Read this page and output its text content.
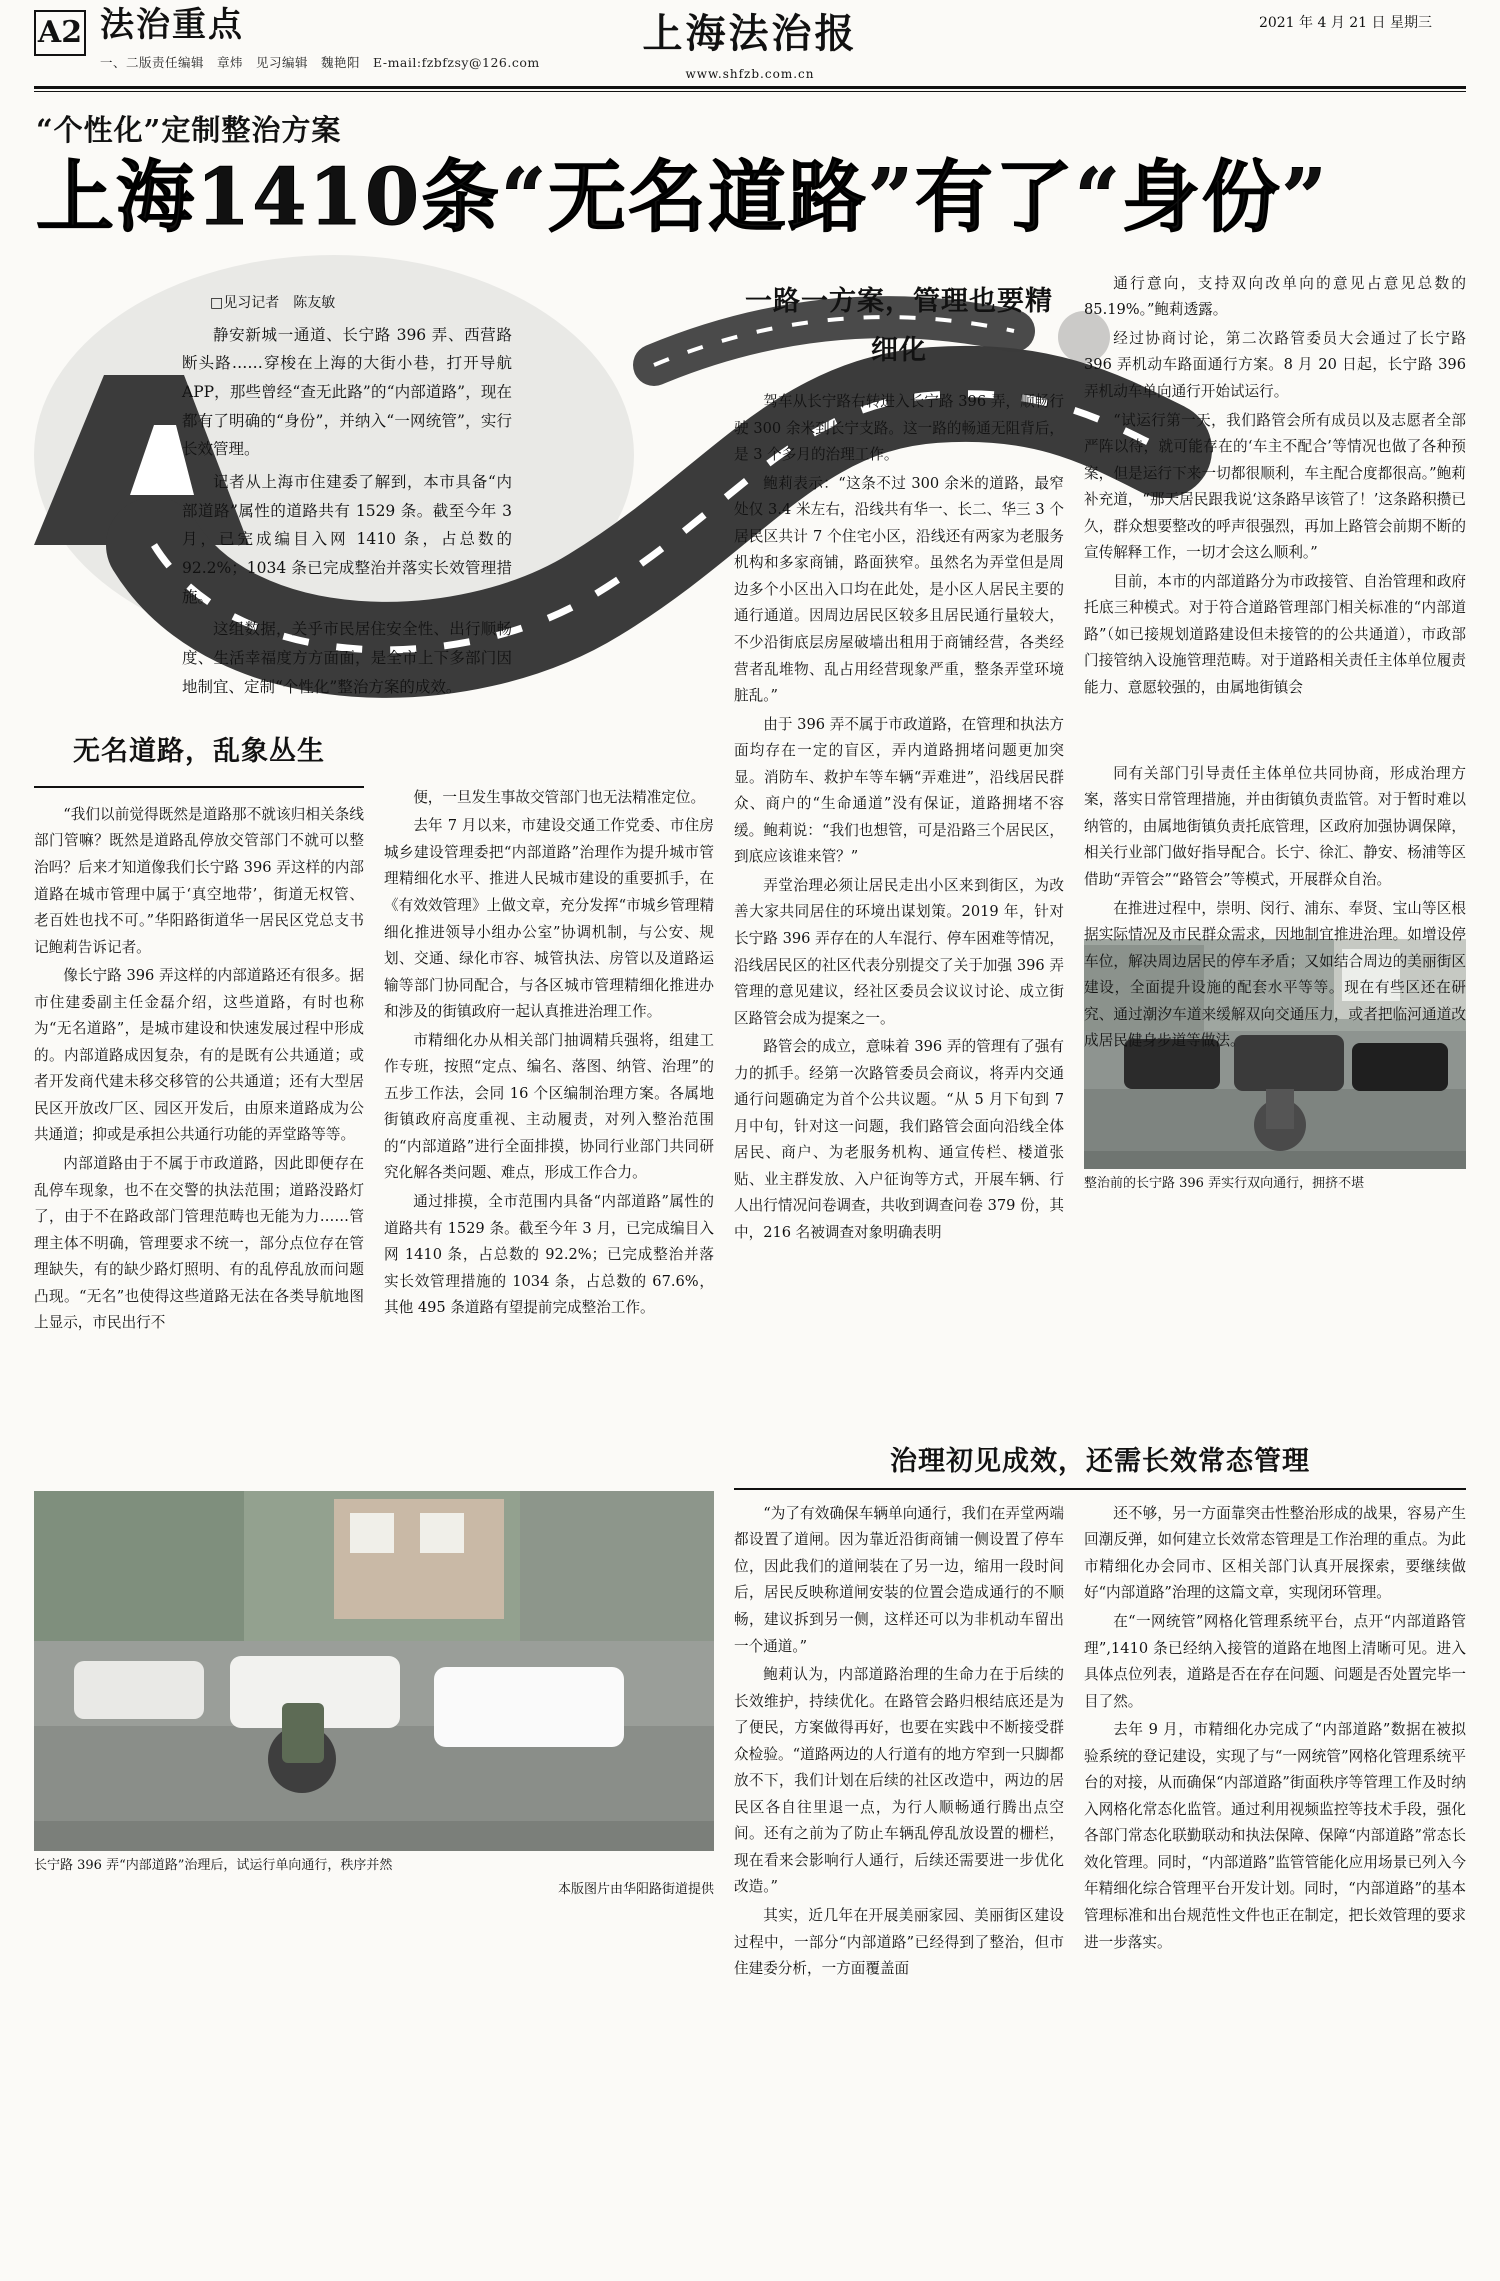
A2 法治重点
一、二版责任编辑　章炜　见习编辑　魏艳阳　E-mail:fzbfzsy@126.com
上海法治报
www.shfzb.com.cn
2021 年 4 月 21 日 星期三
“个性化”定制整治方案
上海1410条“无名道路”有了“身份”

□见习记者　陈友敏

静安新城一通道、长宁路 396 弄、西营路断头路……穿梭在上海的大街小巷，打开导航 APP，那些曾经“查无此路”的“内部道路”，现在都有了明确的“身份”，并纳入“一网统管”，实行长效管理。

记者从上海市住建委了解到，本市具备“内部道路”属性的道路共有 1529 条。截至今年 3 月，已完成编目入网 1410 条，占总数的 92.2%；1034 条已完成整治并落实长效管理措施。

这组数据，关乎市民居住安全性、出行顺畅度、生活幸福度方方面面，是全市上下多部门因地制宜、定制“个性化”整治方案的成效。

无名道路，乱象丛生

“我们以前觉得既然是道路那不就该归相关条线部门管嘛？既然是道路乱停放交管部门不就可以整治吗？后来才知道像我们长宁路 396 弄这样的内部道路在城市管理中属于‘真空地带’，街道无权管、老百姓也找不可。”华阳路街道华一居民区党总支书记鲍莉告诉记者。

像长宁路 396 弄这样的内部道路还有很多。据市住建委副主任金磊介绍，这些道路，有时也称为“无名道路”，是城市建设和快速发展过程中形成的。内部道路成因复杂，有的是既有公共通道；或者开发商代建未移交移管的公共通道；还有大型居民区开放改厂区、园区开发后，由原来道路成为公共通道；抑或是承担公共通行功能的弄堂路等等。

内部道路由于不属于市政道路，因此即便存在乱停车现象，也不在交警的执法范围；道路没路灯了，由于不在路政部门管理范畴也无能为力……管理主体不明确，管理要求不统一，部分点位存在管理缺失，有的缺少路灯照明、有的乱停乱放而问题凸现。“无名”也使得这些道路无法在各类导航地图上显示，市民出行不

便，一旦发生事故交管部门也无法精准定位。

去年 7 月以来，市建设交通工作党委、市住房城乡建设管理委把“内部道路”治理作为提升城市管理精细化水平、推进人民城市建设的重要抓手，在《有效效管理》上做文章，充分发挥“市城乡管理精细化推进领导小组办公室”协调机制，与公安、规划、交通、绿化市容、城管执法、房管以及道路运输等部门协同配合，与各区城市管理精细化推进办和涉及的街镇政府一起认真推进治理工作。

市精细化办从相关部门抽调精兵强将，组建工作专班，按照“定点、编名、落图、纳管、治理”的五步工作法，会同 16 个区编制治理方案。各属地街镇政府高度重视、主动履责，对列入整治范围的“内部道路”进行全面排摸，协同行业部门共同研究化解各类问题、难点，形成工作合力。

通过排摸，全市范围内具备“内部道路”属性的道路共有 1529 条。截至今年 3 月，已完成编目入网 1410 条，占总数的 92.2%；已完成整治并落实长效管理措施的 1034 条，占总数的 67.6%，其他 495 条道路有望提前完成整治工作。

一路一方案，管理也要精细化

驾车从长宁路右转进入长宁路 396 弄，顺畅行驶 300 余米到长宁支路。这一路的畅通无阻背后，是 3 个多月的治理工作。

鲍莉表示：“这条不过 300 余米的道路，最窄处仅 3.4 米左右，沿线共有华一、长二、华三 3 个居民区共计 7 个住宅小区，沿线还有两家为老服务机构和多家商铺，路面狭窄。虽然名为弄堂但是周边多个小区出入口均在此处，是小区人居民主要的通行通道。因周边居民区较多且居民通行量较大，不少沿街底层房屋破墙出租用于商铺经营，各类经营者乱堆物、乱占用经营现象严重，整条弄堂环境脏乱。”

由于 396 弄不属于市政道路，在管理和执法方面均存在一定的盲区，弄内道路拥堵问题更加突显。消防车、救护车等车辆“弄难进”，沿线居民群众、商户的“生命通道”没有保证，道路拥堵不容缓。鲍莉说：“我们也想管，可是沿路三个居民区，到底应该谁来管？”

弄堂治理必须让居民走出小区来到街区，为改善大家共同居住的环境出谋划策。2019 年，针对长宁路 396 弄存在的人车混行、停车困难等情况，沿线居民区的社区代表分别提交了关于加强 396 弄管理的意见建议，经社区委员会议议讨论、成立街区路管会成为提案之一。

路管会的成立，意味着 396 弄的管理有了强有力的抓手。经第一次路管委员会商议，将弄内交通通行问题确定为首个公共议题。“从 5 月下旬到 7 月中旬，针对这一问题，我们路管会面向沿线全体居民、商户、为老服务机构、通宣传栏、楼道张贴、业主群发放、入户征询等方式，开展车辆、行人出行情况问卷调查，共收到调查问卷 379 份，其中，216 名被调查对象明确表明

通行意向，支持双向改单向的意见占意见总数的 85.19%。”鲍莉透露。

经过协商讨论，第二次路管委员大会通过了长宁路 396 弄机动车路面通行方案。8 月 20 日起，长宁路 396 弄机动车单向通行开始试运行。

“试运行第一天，我们路管会所有成员以及志愿者全部严阵以待，就可能存在的‘车主不配合’等情况也做了各种预案，但是运行下来一切都很顺利，车主配合度都很高。”鲍莉补充道，“那天居民跟我说‘这条路早该管了！’这条路积攒已久，群众想要整改的呼声很强烈，再加上路管会前期不断的宣传解释工作，一切才会这么顺利。”

目前，本市的内部道路分为市政接管、自治管理和政府托底三种模式。对于符合道路管理部门相关标准的“内部道路”（如已接规划道路建设但未接管的的公共通道），市政部门接管纳入设施管理范畴。对于道路相关责任主体单位履责能力、意愿较强的，由属地街镇会

整治前的长宁路 396 弄实行双向通行，拥挤不堪

同有关部门引导责任主体单位共同协商，形成治理方案，落实日常管理措施，并由街镇负责监管。对于暂时难以纳管的，由属地街镇负责托底管理，区政府加强协调保障，相关行业部门做好指导配合。长宁、徐汇、静安、杨浦等区借助“弄管会”“路管会”等模式，开展群众自治。

在推进过程中，崇明、闵行、浦东、奉贤、宝山等区根据实际情况及市民群众需求，因地制宜推进治理。如增设停车位，解决周边居民的停车矛盾；又如结合周边的美丽街区建设，全面提升设施的配套水平等等。现在有些区还在研究、通过潮汐车道来缓解双向交通压力，或者把临河通道改成居民健身步道等做法。

治理初见成效，还需长效常态管理

“为了有效确保车辆单向通行，我们在弄堂两端都设置了道闸。因为靠近沿街商铺一侧设置了停车位，因此我们的道闸装在了另一边，缩用一段时间后，居民反映称道闸安装的位置会造成通行的不顺畅，建议拆到另一侧，这样还可以为非机动车留出一个通道。”

鲍莉认为，内部道路治理的生命力在于后续的长效维护，持续优化。在路管会路归根结底还是为了便民，方案做得再好，也要在实践中不断接受群众检验。“道路两边的人行道有的地方窄到一只脚都放不下，我们计划在后续的社区改造中，两边的居民区各自往里退一点，为行人顺畅通行腾出点空间。还有之前为了防止车辆乱停乱放设置的栅栏，现在看来会影响行人通行，后续还需要进一步优化改造。”

其实，近几年在开展美丽家园、美丽街区建设过程中，一部分“内部道路”已经得到了整治，但市住建委分析，一方面覆盖面

还不够，另一方面靠突击性整治形成的战果，容易产生回潮反弹，如何建立长效常态管理是工作治理的重点。为此市精细化办会同市、区相关部门认真开展探索，要继续做好“内部道路”治理的这篇文章，实现闭环管理。

在“一网统管”网格化管理系统平台，点开“内部道路管理”,1410 条已经纳入接管的道路在地图上清晰可见。进入具体点位列表，道路是否在存在问题、问题是否处置完毕一目了然。

去年 9 月，市精细化办完成了“内部道路”数据在被拟验系统的登记建设，实现了与“一网统管”网格化管理系统平台的对接，从而确保“内部道路”街面秩序等管理工作及时纳入网格化常态化监管。通过利用视频监控等技术手段，强化各部门常态化联勤联动和执法保障、保障“内部道路”常态长效化管理。同时，“内部道路”监管管能化应用场景已列入今年精细化综合管理平台开发计划。同时，“内部道路”的基本管理标准和出台规范性文件也正在制定，把长效管理的要求进一步落实。

长宁路 396 弄“内部道路”治理后，试运行单向通行，秩序并然
本版图片由华阳路街道提供
